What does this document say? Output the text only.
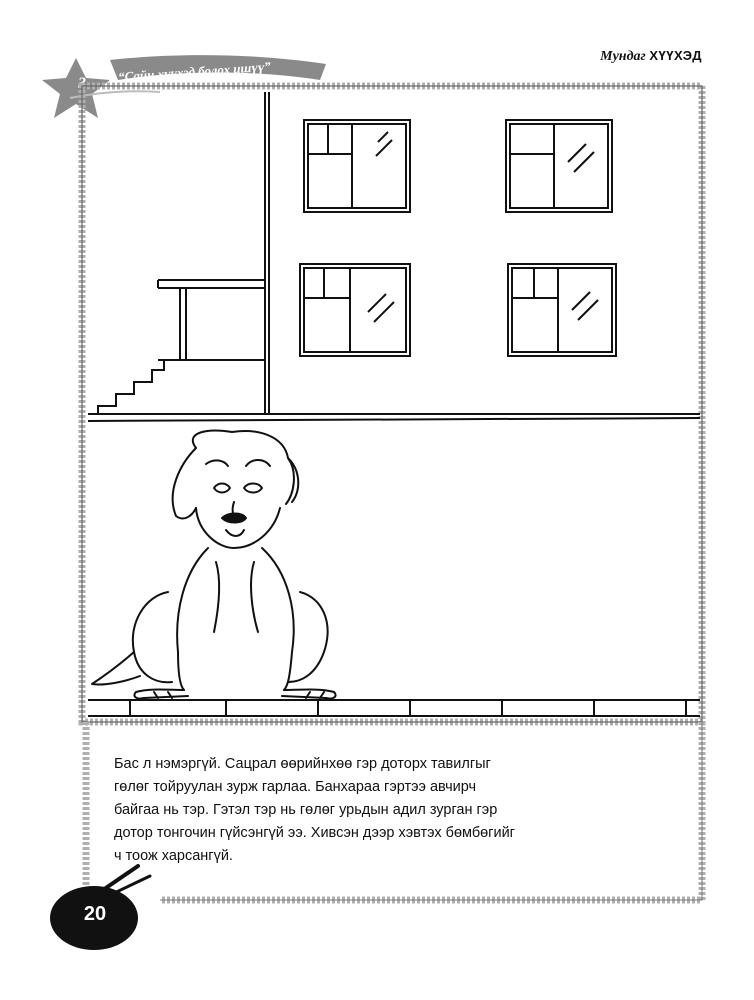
Мундаг ХҮҮХЭД
3 “Сайн хүүхэд болох ишүү”

Бас л нэмэргүй. Сацрал өөрийнхөө гэр доторх тавилгыг

гөлөг тойруулан зурж гарлаа. Банхараа гэртээ авчирч

байгаа нь тэр. Гэтэл тэр нь гөлөг урьдын адил зурган гэр

дотор тонгочин гүйсэнгүй ээ. Хивсэн дээр хэвтэх бөмбөгийг

ч тоож харсангүй.

20
